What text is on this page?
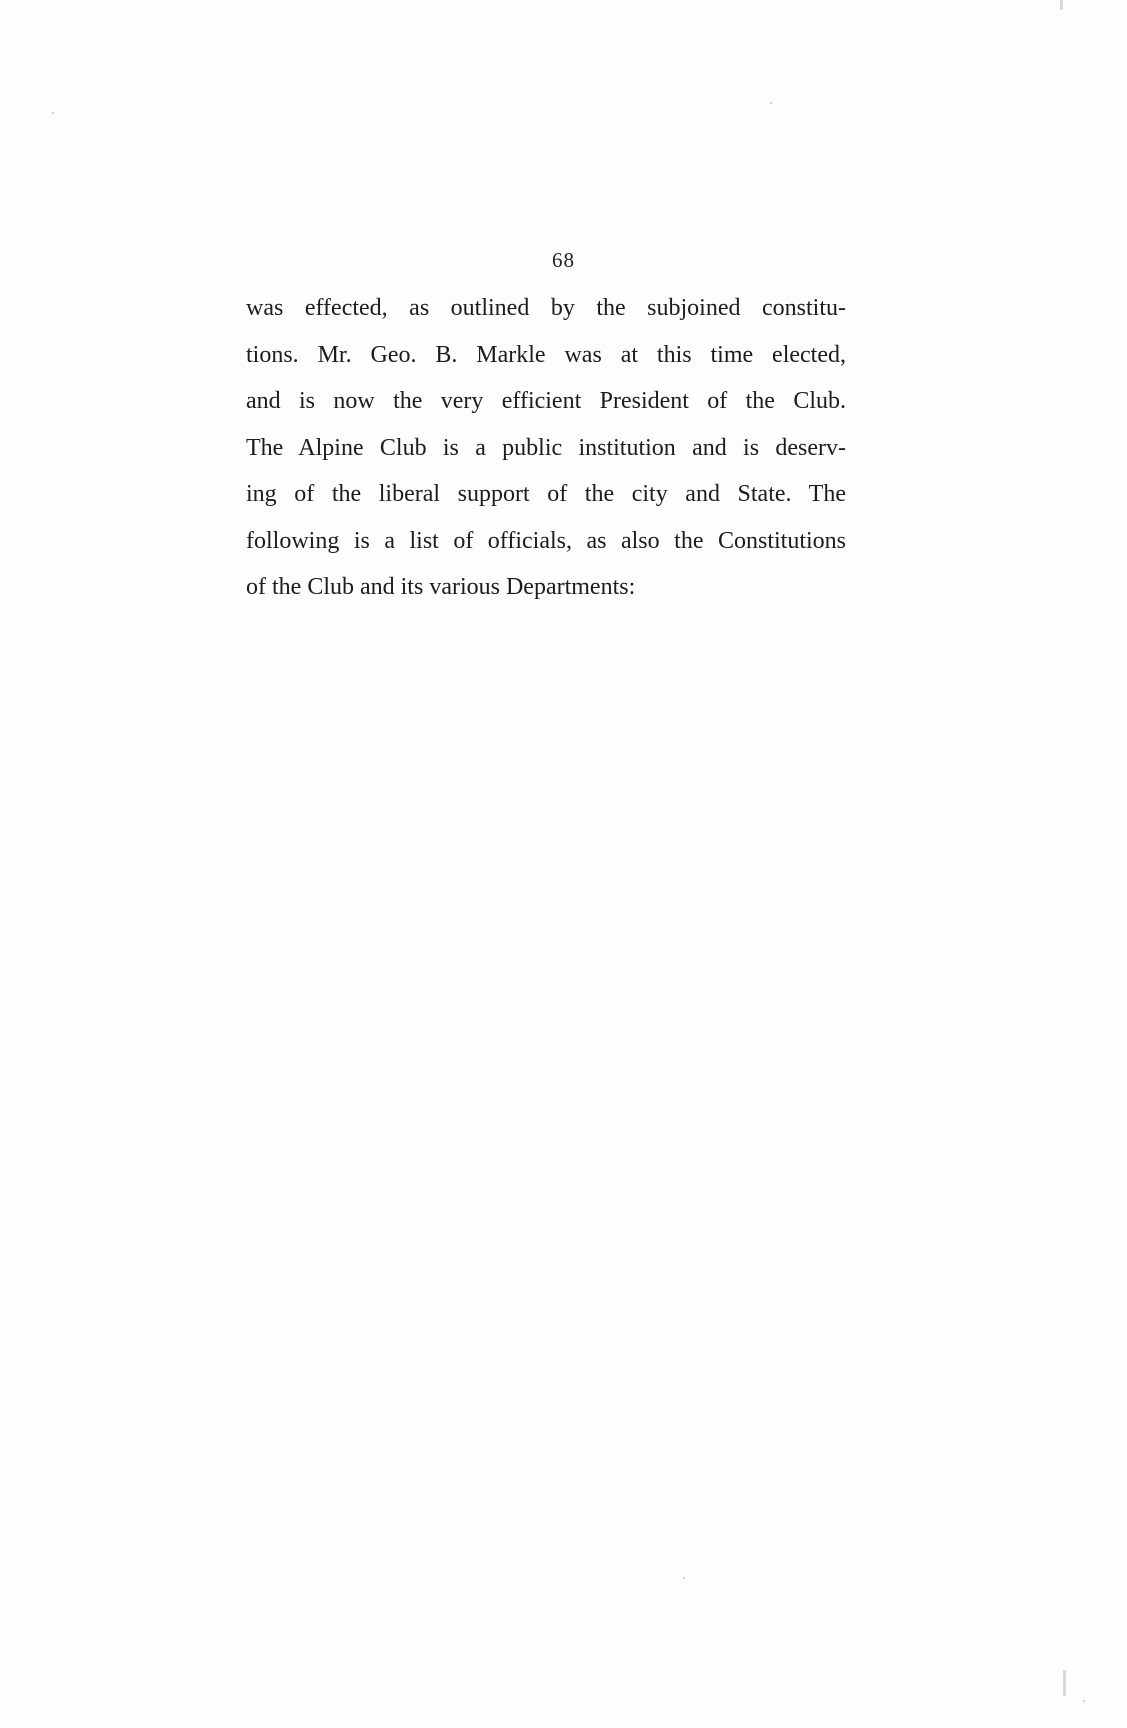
68
was effected, as outlined by the subjoined constitu-
tions. Mr. Geo. B. Markle was at this time elected,
and is now the very efficient President of the Club.
The Alpine Club is a public institution and is deserv-
ing of the liberal support of the city and State. The
following is a list of officials, as also the Constitutions
of the Club and its various Departments:
